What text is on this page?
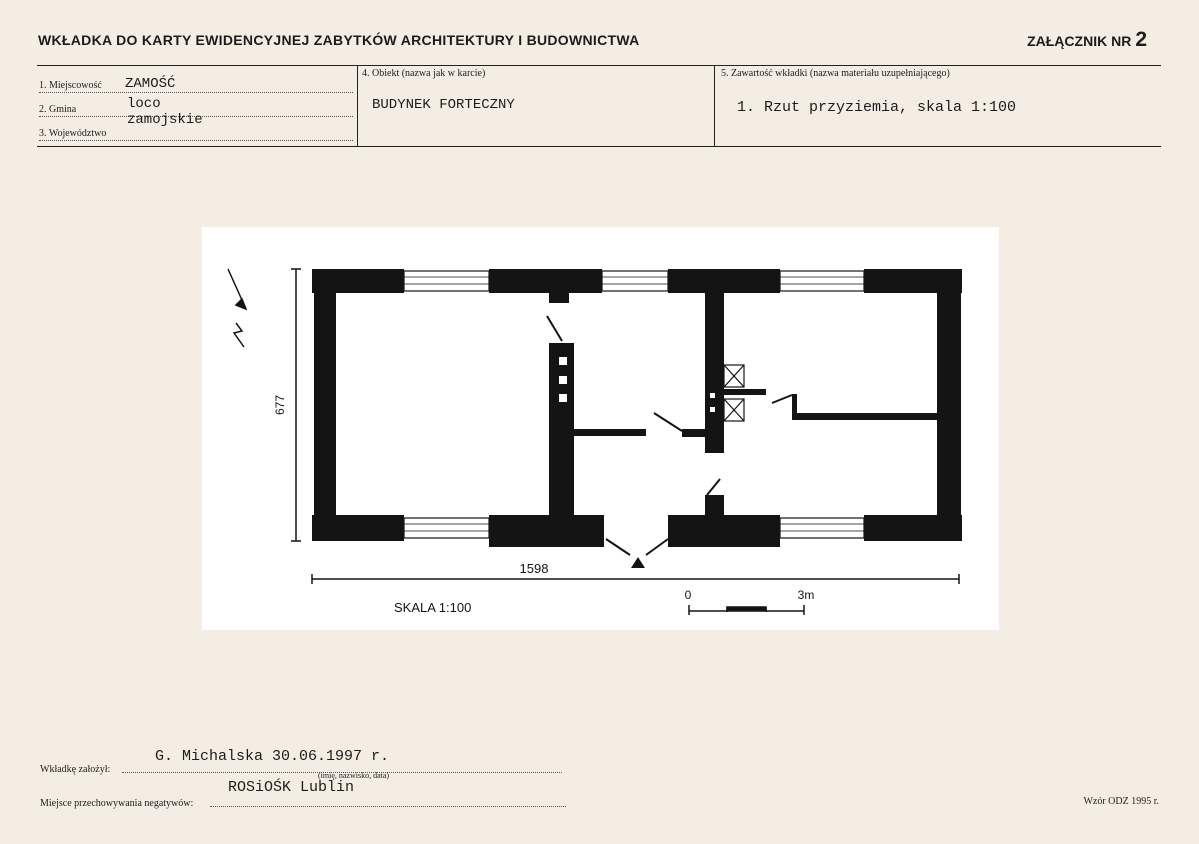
WKŁADKA DO KARTY EWIDENCYJNEJ ZABYTKÓW ARCHITEKTURY I BUDOWNICTWA	ZAŁĄCZNIK NR 2
1. Miejscowość ZAMOŚĆ
2. Gmina	loco
3. Województwo
zamojskie
4. Obiekt (nazwa jak w karcie)
BUDYNEK FORTECZNY
5. Zawartość wkładki (nazwa materiału uzupełniającego)
1. Rzut przyziemia, skala 1:100
677
1598
SKALA 1:100
0	3m
Wkładkę założył:
G. Michalska 30.06.1997 r.
(imię, nazwisko, data)
Miejsce przechowywania negatywów:
ROSiOŚK Lublin
Wzór ODZ 1995 r.
